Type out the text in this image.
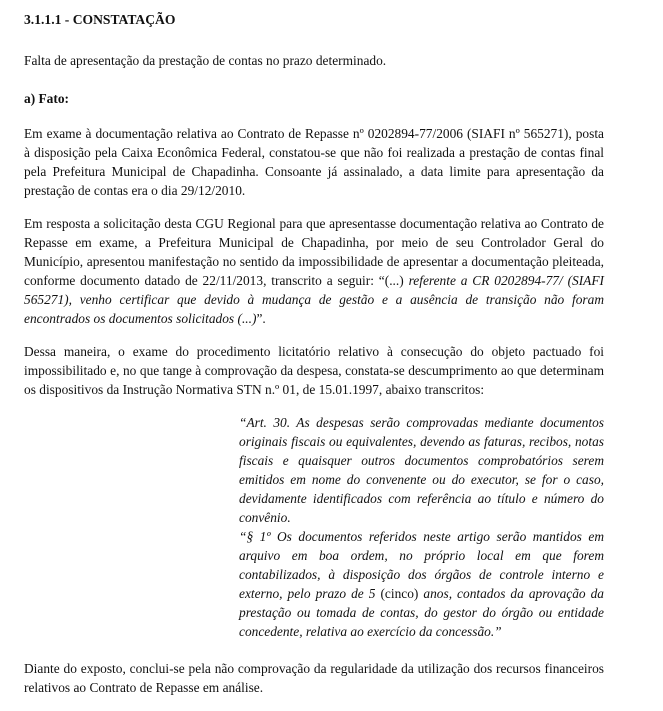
3.1.1.1 - CONSTATAÇÃO

Falta de apresentação da prestação de contas no prazo determinado.

a) Fato:

Em exame à documentação relativa ao Contrato de Repasse nº 0202894-77/2006 (SIAFI nº 565271), posta à disposição pela Caixa Econômica Federal, constatou-se que não foi realizada a prestação de contas final pela Prefeitura Municipal de Chapadinha. Consoante já assinalado, a data limite para apresentação da prestação de contas era o dia 29/12/2010.

Em resposta a solicitação desta CGU Regional para que apresentasse documentação relativa ao Contrato de Repasse em exame, a Prefeitura Municipal de Chapadinha, por meio de seu Controlador Geral do Município, apresentou manifestação no sentido da impossibilidade de apresentar a documentação pleiteada, conforme documento datado de 22/11/2013, transcrito a seguir: “(...) referente a CR 0202894-77/ (SIAFI 565271), venho certificar que devido à mudança de gestão e a ausência de transição não foram encontrados os documentos solicitados (...)”.

Dessa maneira, o exame do procedimento licitatório relativo à consecução do objeto pactuado foi impossibilitado e, no que tange à comprovação da despesa, constata-se descumprimento ao que determinam os dispositivos da Instrução Normativa STN n.º 01, de 15.01.1997, abaixo transcritos:

“Art. 30. As despesas serão comprovadas mediante documentos originais fiscais ou equivalentes, devendo as faturas, recibos, notas fiscais e quaisquer outros documentos comprobatórios serem emitidos em nome do convenente ou do executor, se for o caso, devidamente identificados com referência ao título e número do convênio.

“§ 1º Os documentos referidos neste artigo serão mantidos em arquivo em boa ordem, no próprio local em que forem contabilizados, à disposição dos órgãos de controle interno e externo, pelo prazo de 5 (cinco) anos, contados da aprovação da prestação ou tomada de contas, do gestor do órgão ou entidade concedente, relativa ao exercício da concessão.”

Diante do exposto, conclui-se pela não comprovação da regularidade da utilização dos recursos financeiros relativos ao Contrato de Repasse em análise.
